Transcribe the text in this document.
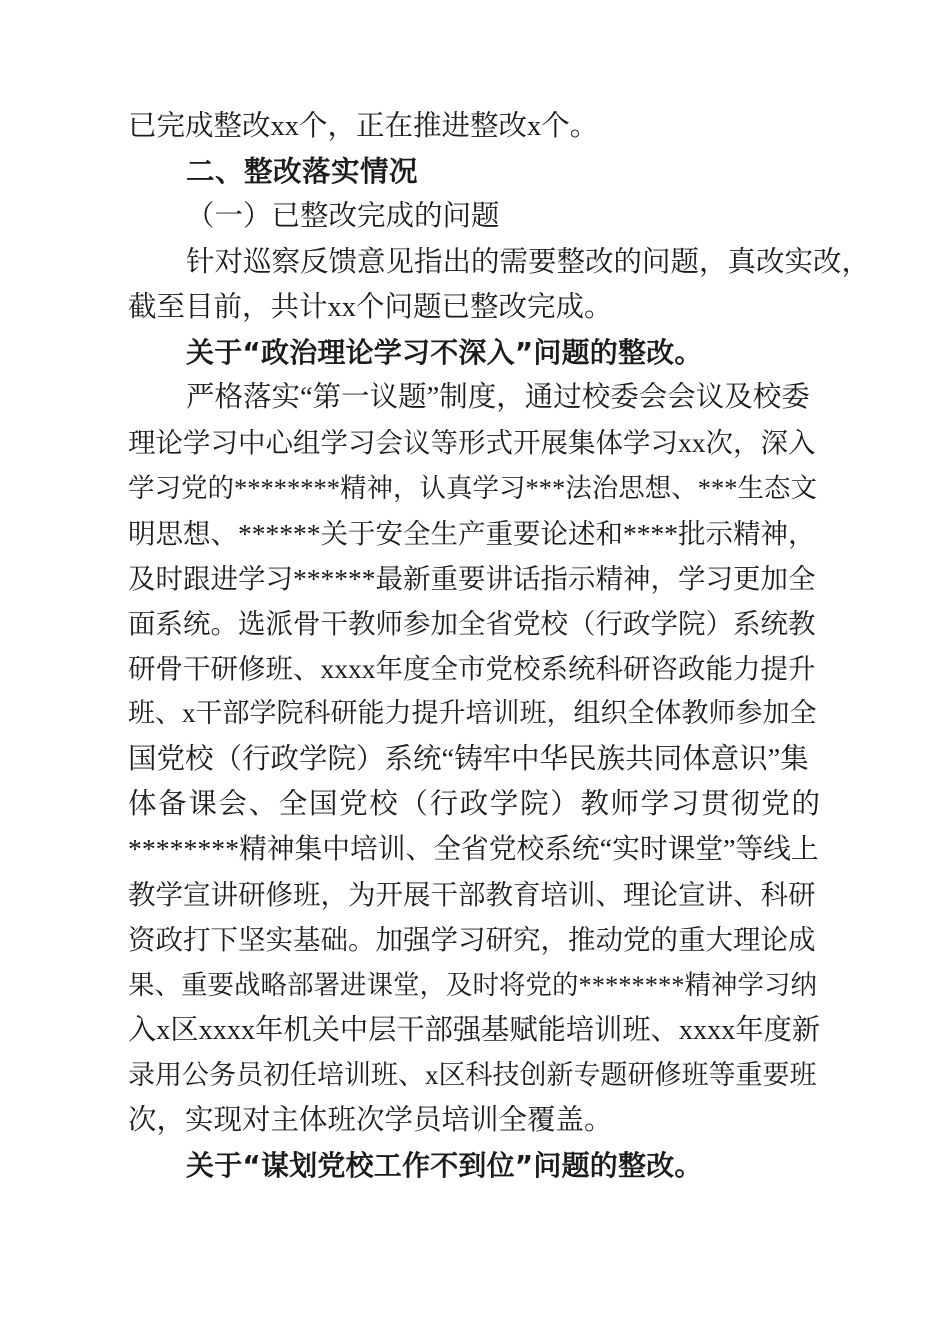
已完成整改xx个，正在推进整改x个。
二、整改落实情况
（一）已整改完成的问题
针对巡察反馈意见指出的需要整改的问题，真改实改，
截至目前，共计xx个问题已整改完成。
关于“政治理论学习不深入”问题的整改。
严格落实“第一议题”制度，通过校委会会议及校委
理论学习中心组学习会议等形式开展集体学习xx次，深入
学习党的********精神，认真学习***法治思想、***生态文
明思想、******关于安全生产重要论述和****批示精神，
及时跟进学习******最新重要讲话指示精神，学习更加全
面系统。选派骨干教师参加全省党校（行政学院）系统教
研骨干研修班、xxxx年度全市党校系统科研咨政能力提升
班、x干部学院科研能力提升培训班，组织全体教师参加全
国党校（行政学院）系统“铸牢中华民族共同体意识”集
体 备 课 会 、 全 国 党 校 （ 行 政 学 院 ） 教 师 学 习 贯 彻 党 的
********精神集中培训、全省党校系统“实时课堂”等线上
教学宣讲研修班，为开展干部教育培训、理论宣讲、科研
资政打下坚实基础。加强学习研究，推动党的重大理论成
果、重要战略部署进课堂，及时将党的********精神学习纳
入x区xxxx年机关中层干部强基赋能培训班、xxxx年度新
录用公务员初任培训班、x区科技创新专题研修班等重要班
次，实现对主体班次学员培训全覆盖。
关于“谋划党校工作不到位”问题的整改。
